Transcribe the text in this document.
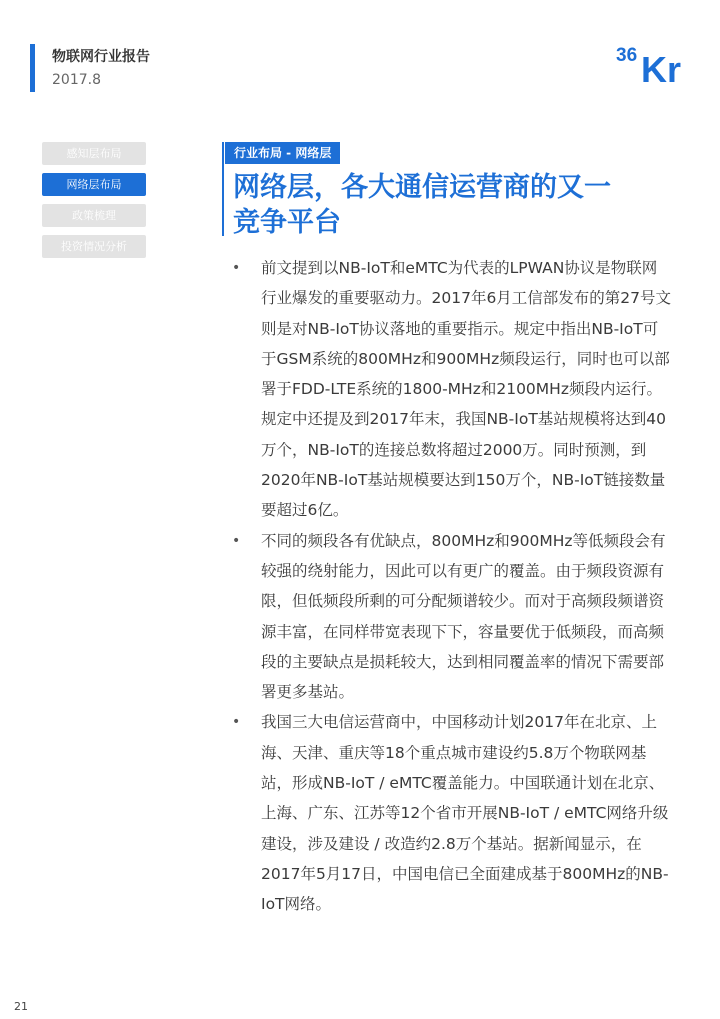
物联网行业报告
2017.8
36 Kr
感知层布局
网络层布局
政策梳理
投资情况分析
行业布局 - 网络层
网络层，各大通信运营商的又一
竞争平台
• 前文提到以NB-IoT和eMTC为代表的LPWAN协议是物联网行业爆发的重要驱动力。2017年6月工信部发布的第27号文则是对NB-IoT协议落地的重要指示。规定中指出NB-IoT可于GSM系统的800MHz和900MHz频段运行，同时也可以部署于FDD-LTE系统的1800-MHz和2100MHz频段内运行。规定中还提及到2017年末，我国NB-IoT基站规模将达到40万个，NB-IoT的连接总数将超过2000万。同时预测，到2020年NB-IoT基站规模要达到150万个，NB-IoT链接数量要超过6亿。
• 不同的频段各有优缺点，800MHz和900MHz等低频段会有较强的绕射能力，因此可以有更广的覆盖。由于频段资源有限，但低频段所剩的可分配频谱较少。而对于高频段频谱资源丰富，在同样带宽表现下下，容量要优于低频段，而高频段的主要缺点是损耗较大，达到相同覆盖率的情况下需要部署更多基站。
• 我国三大电信运营商中，中国移动计划2017年在北京、上海、天津、重庆等18个重点城市建设约5.8万个物联网基站，形成NB-IoT / eMTC覆盖能力。中国联通计划在北京、上海、广东、江苏等12个省市开展NB-IoT / eMTC网络升级建设，涉及建设 / 改造约2.8万个基站。据新闻显示，在2017年5月17日，中国电信已全面建成基于800MHz的NB-IoT网络。
21
